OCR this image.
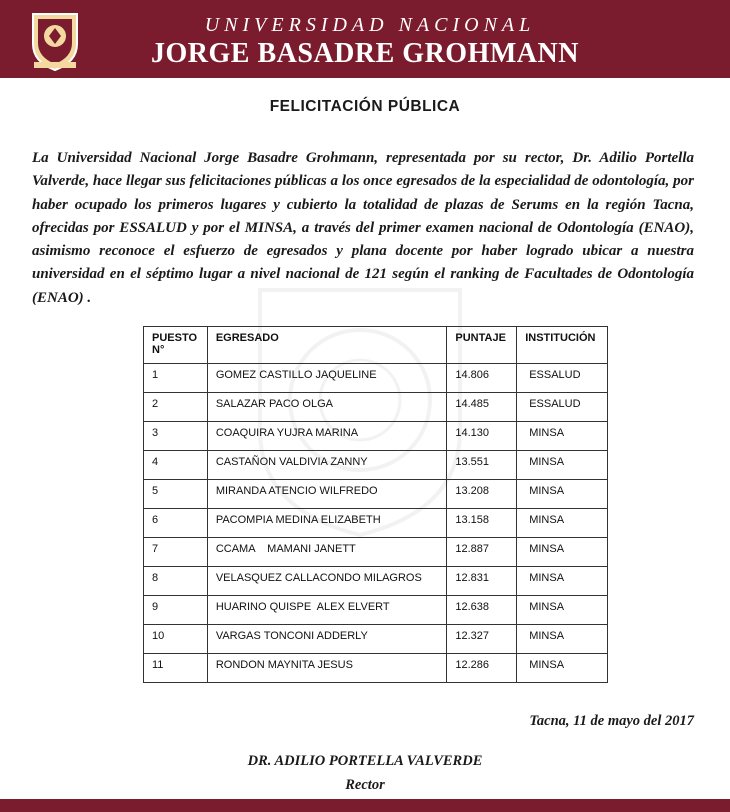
UNIVERSIDAD NACIONAL
JORGE BASADRE GROHMANN
FELICITACIÓN PÚBLICA
La Universidad Nacional Jorge Basadre Grohmann, representada por su rector, Dr. Adilio Portella Valverde, hace llegar sus felicitaciones públicas a los once egresados de la especialidad de odontología, por haber ocupado los primeros lugares y cubierto la totalidad de plazas de Serums en la región Tacna, ofrecidas por ESSALUD y por el MINSA, a través del primer examen nacional de Odontología (ENAO), asimismo reconoce el esfuerzo de egresados y plana docente por haber logrado ubicar a nuestra universidad en el séptimo lugar a nivel nacional de 121 según el ranking de Facultades de Odontología (ENAO) .
PUESTO N°	EGRESADO	PUNTAJE	INSTITUCIÓN
1	GOMEZ CASTILLO JAQUELINE	14.806	ESSALUD
2	SALAZAR PACO OLGA	14.485	ESSALUD
3	COAQUIRA YUJRA MARINA	14.130	MINSA
4	CASTAÑON VALDIVIA ZANNY	13.551	MINSA
5	MIRANDA ATENCIO WILFREDO	13.208	MINSA
6	PACOMPIA MEDINA ELIZABETH	13.158	MINSA
7	CCAMA    MAMANI JANETT	12.887	MINSA
8	VELASQUEZ CALLACONDO MILAGROS	12.831	MINSA
9	HUARINO QUISPE  ALEX ELVERT	12.638	MINSA
10	VARGAS TONCONI ADDERLY	12.327	MINSA
11	RONDON MAYNITA JESUS	12.286	MINSA
Tacna, 11 de mayo del 2017
DR. ADILIO PORTELLA VALVERDE
Rector
